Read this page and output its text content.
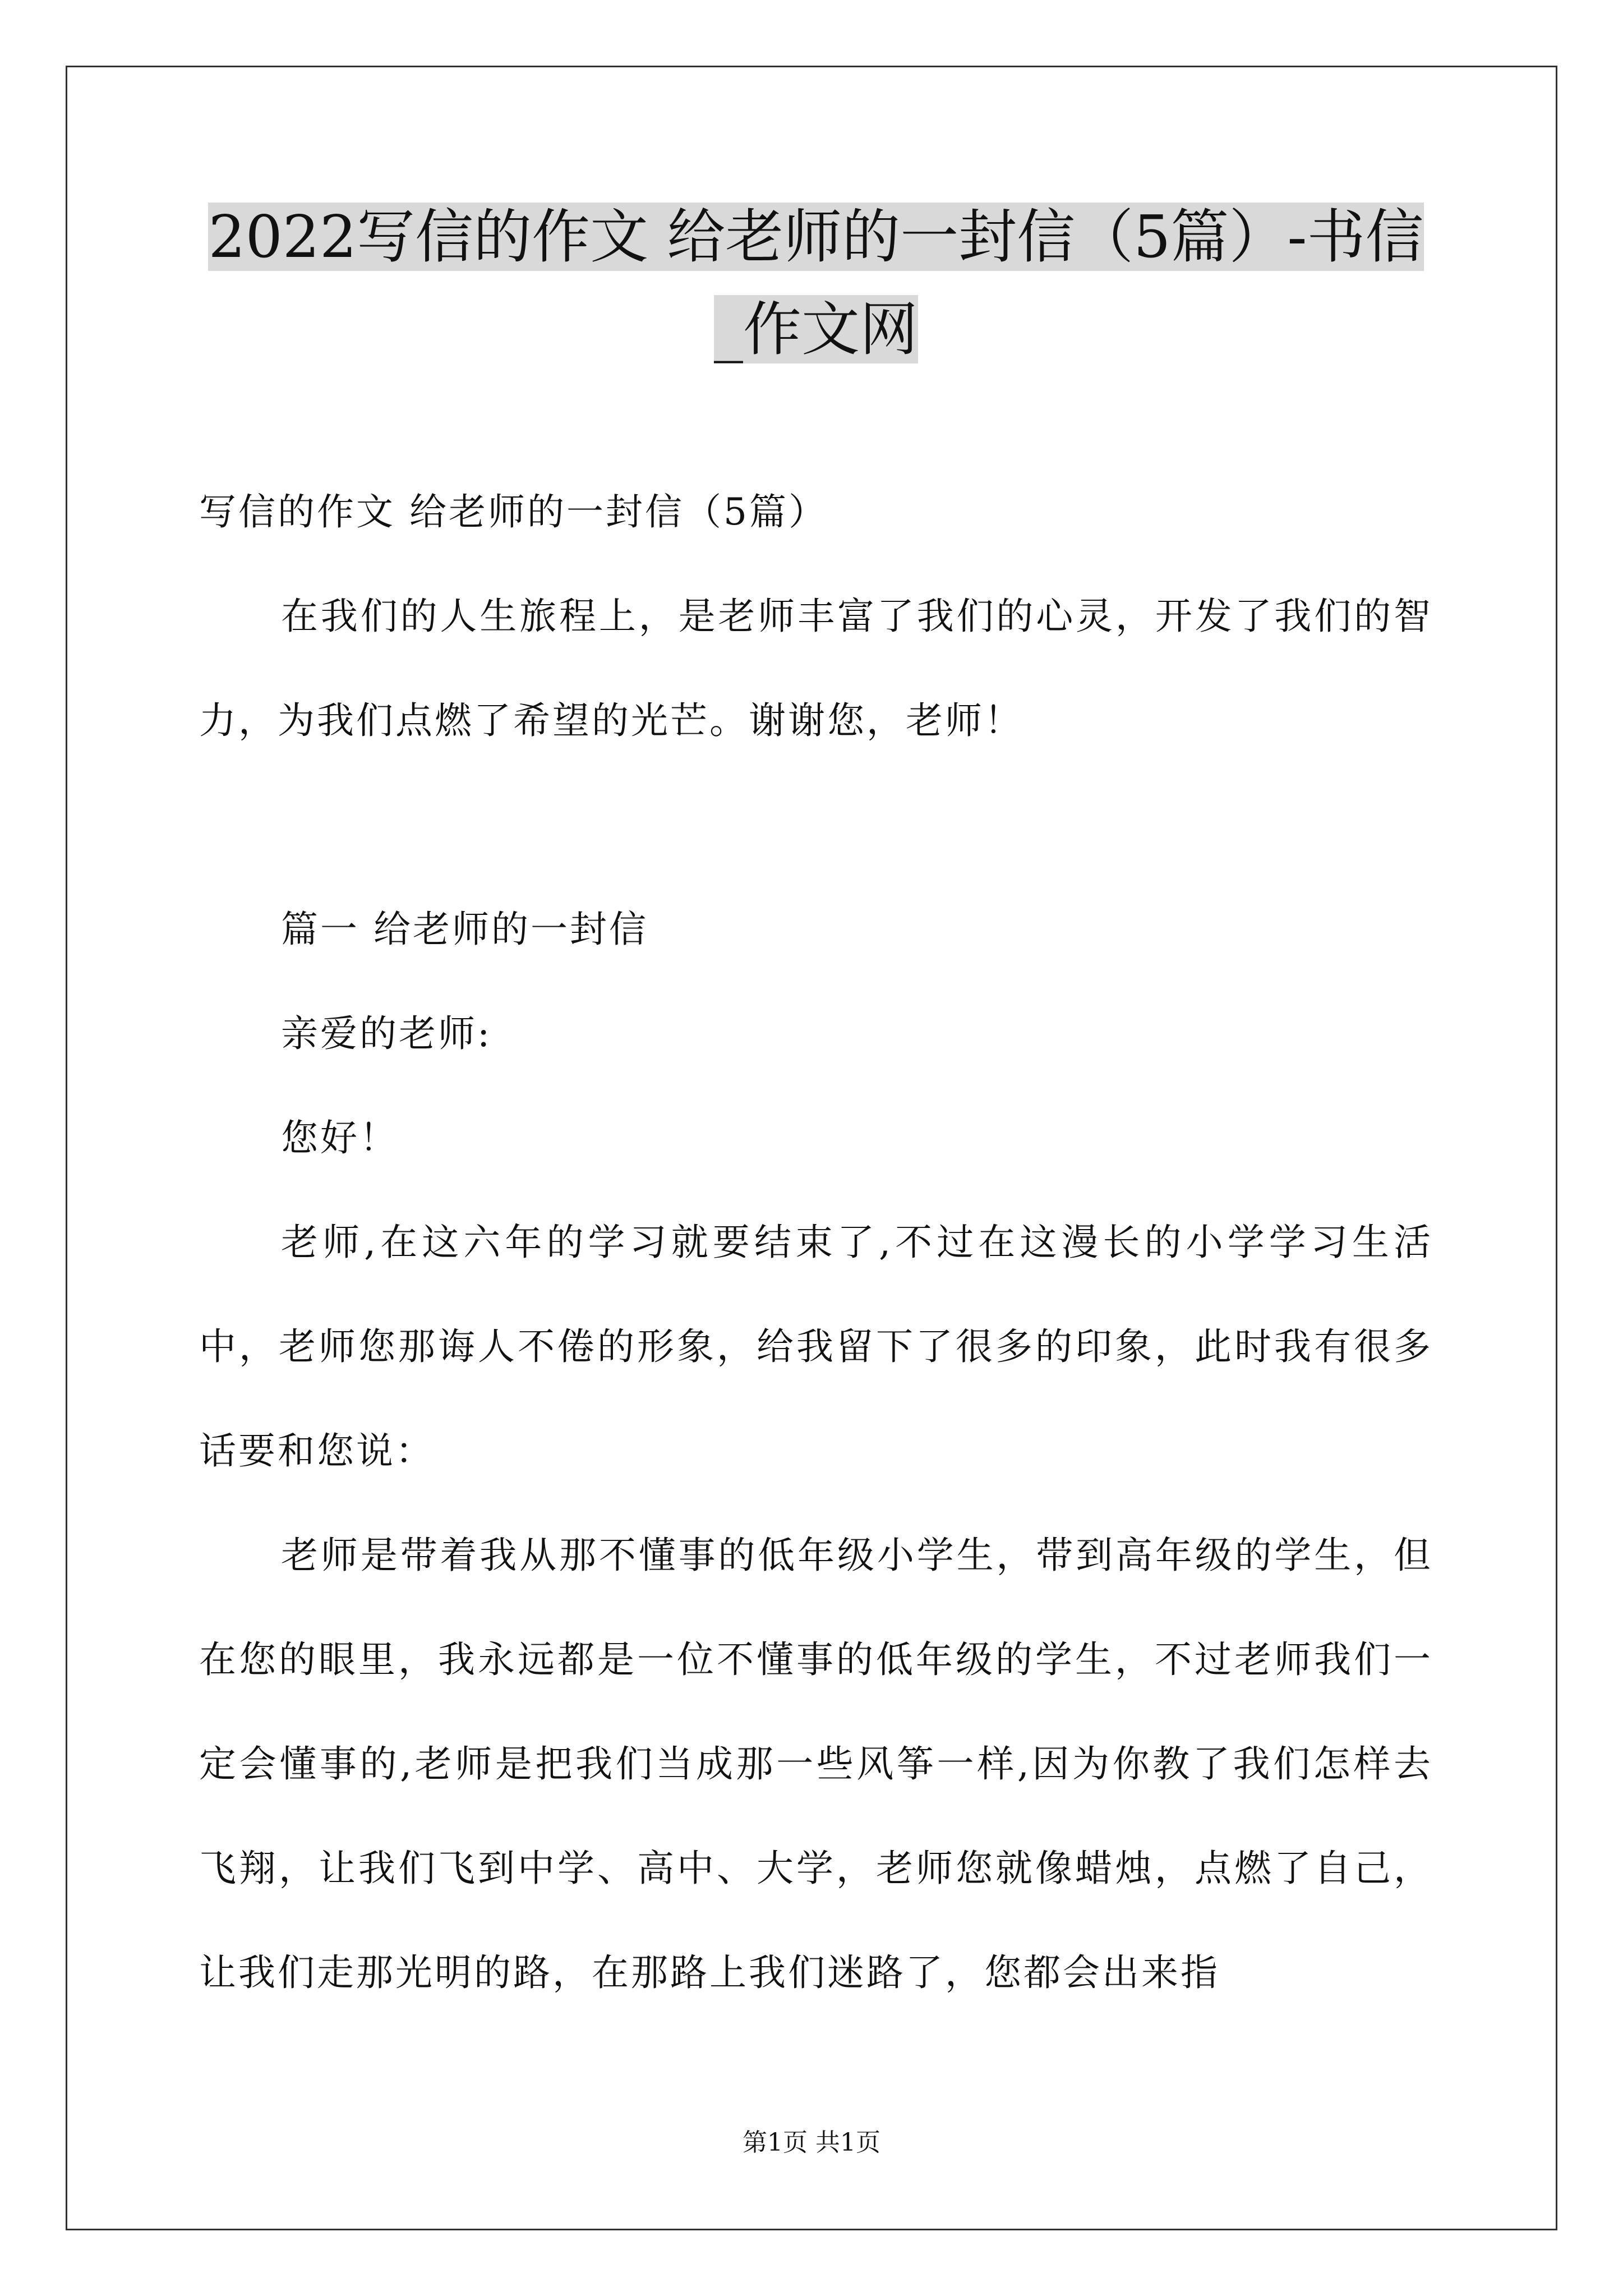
2022写信的作文 给老师的一封信（5篇）-书信_作文网

写信的作文 给老师的一封信（5篇）

在我们的人生旅程上，是老师丰富了我们的心灵，开发了我们的智力，为我们点燃了希望的光芒。谢谢您，老师！

篇一 给老师的一封信

亲爱的老师:

您好！

老师,在这六年的学习就要结束了,不过在这漫长的小学学习生活中，老师您那诲人不倦的形象，给我留下了很多的印象，此时我有很多话要和您说：

老师是带着我从那不懂事的低年级小学生，带到高年级的学生，但在您的眼里，我永远都是一位不懂事的低年级的学生，不过老师我们一定会懂事的,老师是把我们当成那一些风筝一样,因为你教了我们怎样去飞翔，让我们飞到中学、高中、大学，老师您就像蜡烛，点燃了自己，让我们走那光明的路，在那路上我们迷路了，您都会出来指

第1页 共1页
